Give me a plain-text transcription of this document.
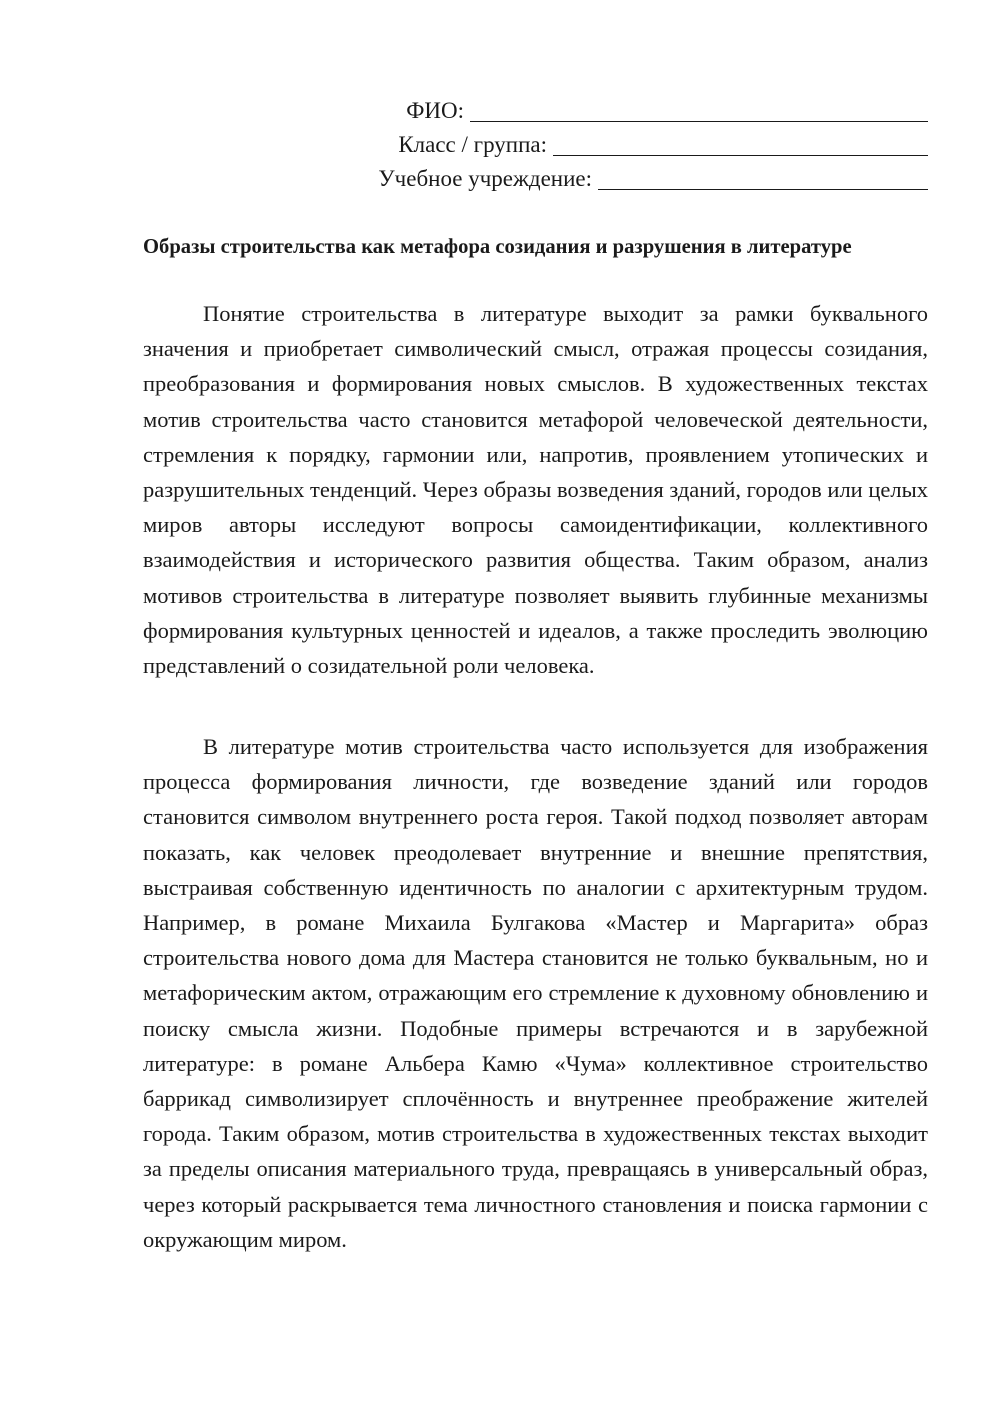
ФИО:
Класс / группа:
Учебное учреждение:
Образы строительства как метафора созидания и разрушения в литературе

Понятие строительства в литературе выходит за рамки буквального значения и приобретает символический смысл, отражая процессы созидания, преобразования и формирования новых смыслов. В художественных текстах мотив строительства часто становится метафорой человеческой деятельности, стремления к порядку, гармонии или, напротив, проявлением утопических и разрушительных тенденций. Через образы возведения зданий, городов или целых миров авторы исследуют вопросы самоидентификации, коллективного взаимодействия и исторического развития общества. Таким образом, анализ мотивов строительства в литературе позволяет выявить глубинные механизмы формирования культурных ценностей и идеалов, а также проследить эволюцию представлений о созидательной роли человека.

В литературе мотив строительства часто используется для изображения процесса формирования личности, где возведение зданий или городов становится символом внутреннего роста героя. Такой подход позволяет авторам показать, как человек преодолевает внутренние и внешние препятствия, выстраивая собственную идентичность по аналогии с архитектурным трудом. Например, в романе Михаила Булгакова «Мастер и Маргарита» образ строительства нового дома для Мастера становится не только буквальным, но и метафорическим актом, отражающим его стремление к духовному обновлению и поиску смысла жизни. Подобные примеры встречаются и в зарубежной литературе: в романе Альбера Камю «Чума» коллективное строительство баррикад символизирует сплочённость и внутреннее преображение жителей города. Таким образом, мотив строительства в художественных текстах выходит за пределы описания материального труда, превращаясь в универсальный образ, через который раскрывается тема личностного становления и поиска гармонии с окружающим миром.
